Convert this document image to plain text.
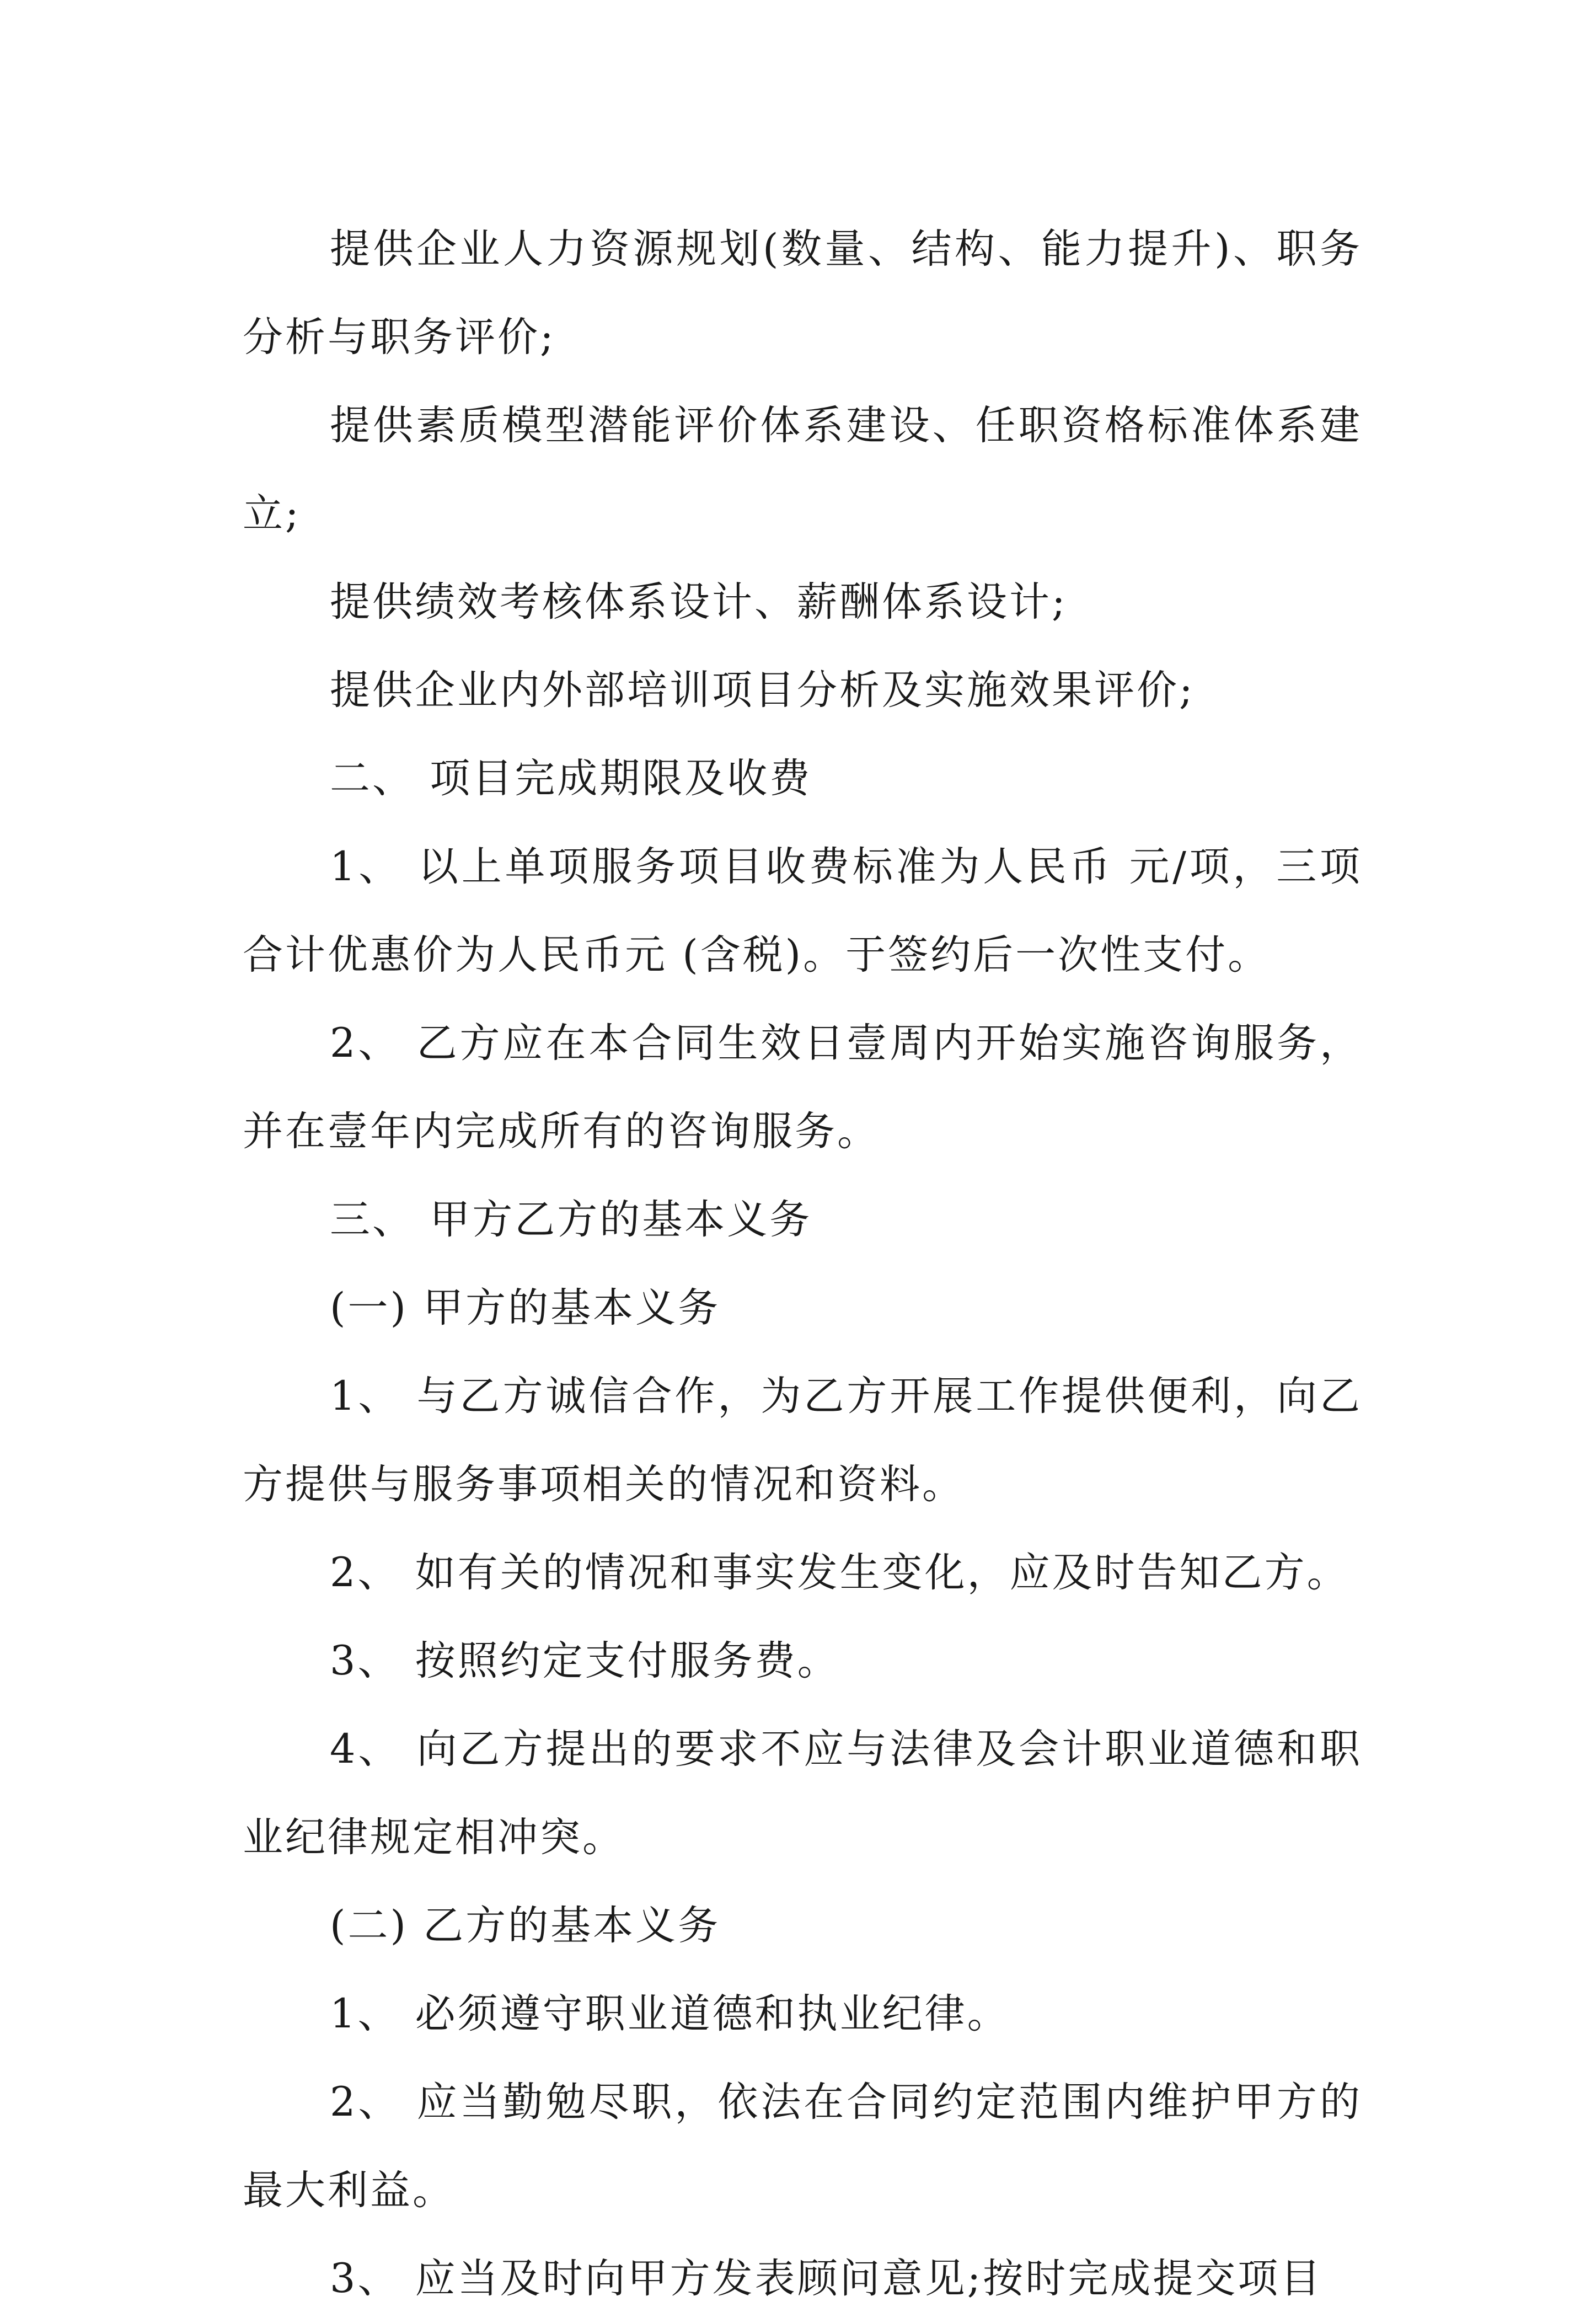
提供企业人力资源规划(数量、结构、能力提升)、职务分析与职务评价;

提供素质模型潜能评价体系建设、任职资格标准体系建立;

提供绩效考核体系设计、薪酬体系设计;

提供企业内外部培训项目分析及实施效果评价;

二、 项目完成期限及收费

1、 以上单项服务项目收费标准为人民币 元/项，三项合计优惠价为人民币元 (含税)。于签约后一次性支付。

2、 乙方应在本合同生效日壹周内开始实施咨询服务，并在壹年内完成所有的咨询服务。

三、 甲方乙方的基本义务

(一) 甲方的基本义务

1、 与乙方诚信合作，为乙方开展工作提供便利，向乙方提供与服务事项相关的情况和资料。

2、 如有关的情况和事实发生变化，应及时告知乙方。

3、 按照约定支付服务费。

4、 向乙方提出的要求不应与法律及会计职业道德和职业纪律规定相冲突。

(二) 乙方的基本义务

1、 必须遵守职业道德和执业纪律。

2、 应当勤勉尽职，依法在合同约定范围内维护甲方的最大利益。

3、 应当及时向甲方发表顾问意见;按时完成提交项目
